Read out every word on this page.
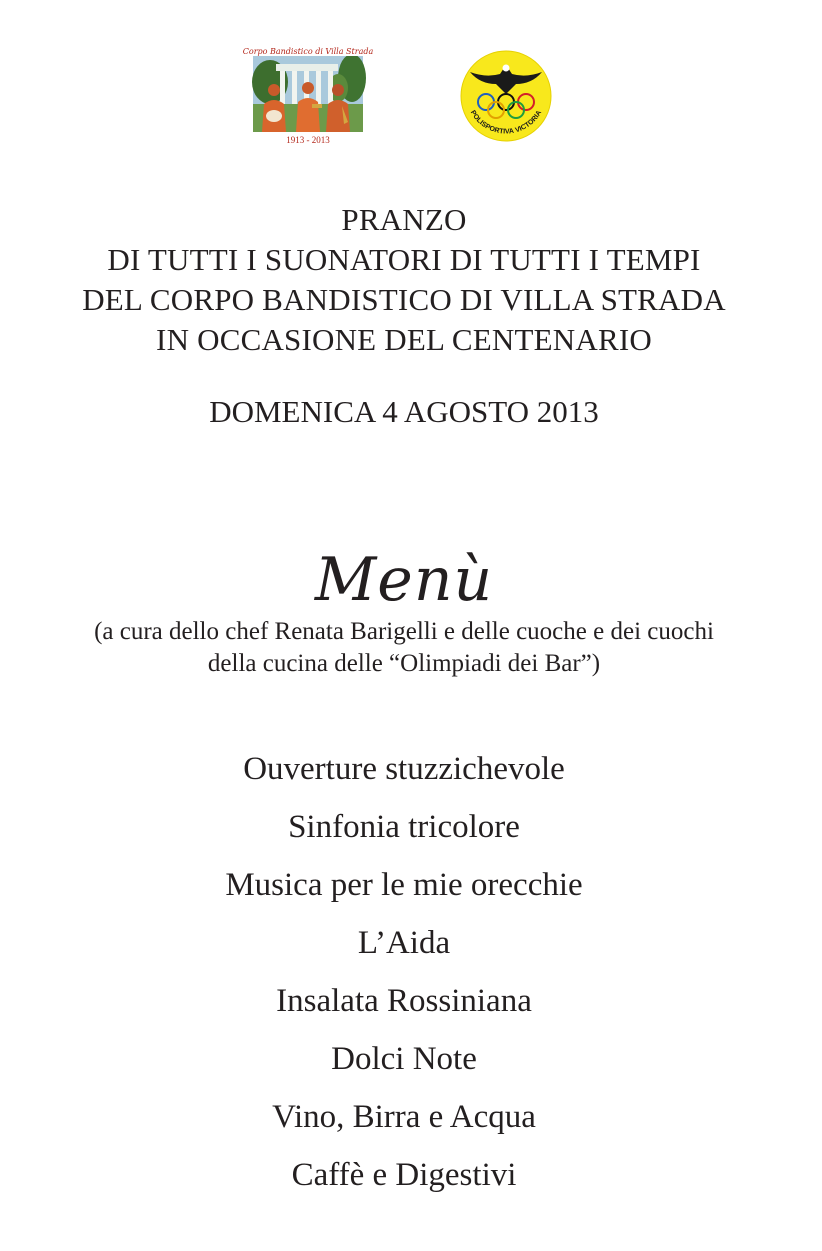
Corpo Bandistico di Villa Strada
1913 - 2013
POLISPORTIVA VICTORIA
PRANZO
DI TUTTI I SUONATORI DI TUTTI I TEMPI
DEL CORPO BANDISTICO DI VILLA STRADA
IN OCCASIONE DEL CENTENARIO
DOMENICA 4 AGOSTO 2013
Menù
(a cura dello chef Renata Barigelli e delle cuoche e dei cuochi
della cucina delle “Olimpiadi dei Bar”)
Ouverture stuzzichevole
Sinfonia tricolore
Musica per le mie orecchie
L’Aida
Insalata Rossiniana
Dolci Note
Vino, Birra e Acqua
Caffè e Digestivi
